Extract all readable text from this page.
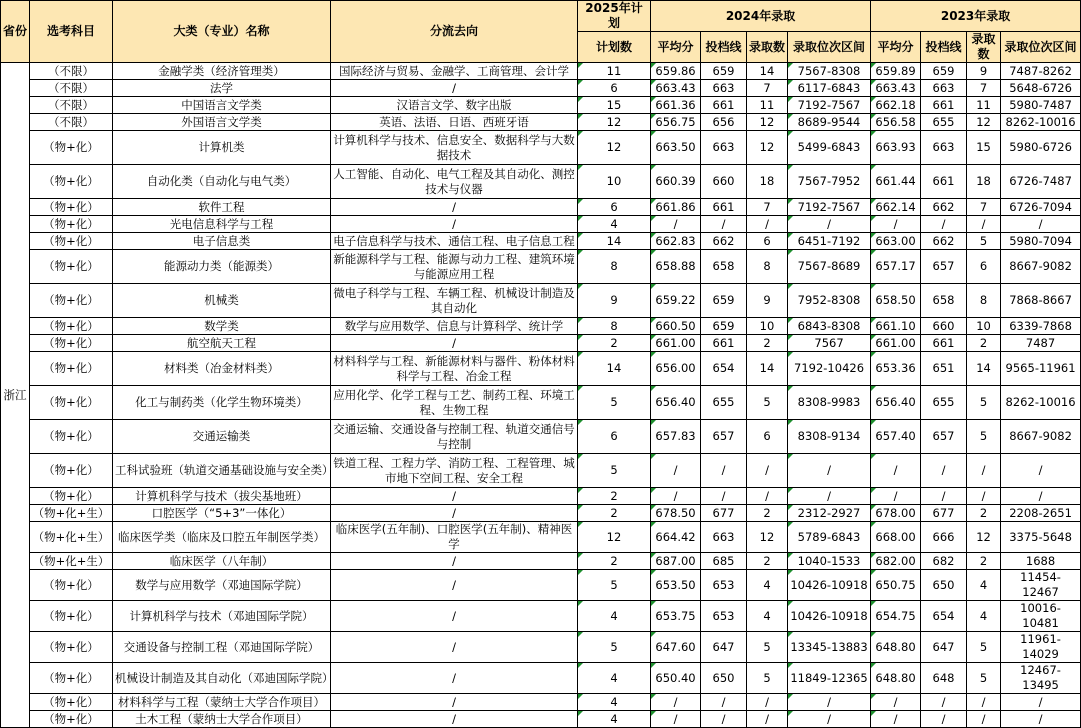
省份	选考科目	大类（专业）名称	分流去向	2025年计划	2024年录取				2023年录取			
				计划数	平均分	投档线	录取数	录取位次区间	平均分	投档线	录取数	录取位次区间
浙江	（不限）	金融学类（经济管理类）	国际经济与贸易、金融学、工商管理、会计学	11	659.86	659	14	7567-8308	659.89	659	9	7487-8262
	（不限）	法学	/	6	663.43	663	7	6117-6843	663.43	663	7	5648-6726
	（不限）	中国语言文学类	汉语言文学、数字出版	15	661.36	661	11	7192-7567	662.18	661	11	5980-7487
	（不限）	外国语言文学类	英语、法语、日语、西班牙语	12	656.75	656	12	8689-9544	656.58	655	12	8262-10016
	（物+化）	计算机类	计算机科学与技术、信息安全、数据科学与大数据技术	12	663.50	663	12	5499-6843	663.93	663	15	5980-6726
	（物+化）	自动化类（自动化与电气类）	人工智能、自动化、电气工程及其自动化、测控技术与仪器	10	660.39	660	18	7567-7952	661.44	661	18	6726-7487
	（物+化）	软件工程	/	6	661.86	661	7	7192-7567	662.14	662	7	6726-7094
	（物+化）	光电信息科学与工程	/	4	/	/	/	/	/	/	/	/
	（物+化）	电子信息类	电子信息科学与技术、通信工程、电子信息工程	14	662.83	662	6	6451-7192	663.00	662	5	5980-7094
	（物+化）	能源动力类（能源类）	新能源科学与工程、能源与动力工程、建筑环境与能源应用工程	8	658.88	658	8	7567-8689	657.17	657	6	8667-9082
	（物+化）	机械类	微电子科学与工程、车辆工程、机械设计制造及其自动化	9	659.22	659	9	7952-8308	658.50	658	8	7868-8667
	（物+化）	数学类	数学与应用数学、信息与计算科学、统计学	8	660.50	659	10	6843-8308	661.10	660	10	6339-7868
	（物+化）	航空航天工程	/	2	661.00	661	2	7567	661.00	661	2	7487
	（物+化）	材料类（冶金材料类）	材料科学与工程、新能源材料与器件、粉体材料科学与工程、冶金工程	14	656.00	654	14	7192-10426	653.36	651	14	9565-11961
	（物+化）	化工与制药类（化学生物环境类）	应用化学、化学工程与工艺、制药工程、环境工程、生物工程	5	656.40	655	5	8308-9983	656.40	655	5	8262-10016
	（物+化）	交通运输类	交通运输、交通设备与控制工程、轨道交通信号与控制	6	657.83	657	6	8308-9134	657.40	657	5	8667-9082
	（物+化）	工科试验班（轨道交通基础设施与安全类）	铁道工程、工程力学、消防工程、工程管理、城市地下空间工程、安全工程	5	/	/	/	/	/	/	/	/
	（物+化）	计算机科学与技术（拔尖基地班）	/	2	/	/	/	/	/	/	/	/
	（物+化+生）	口腔医学（“5+3”一体化）	/	2	678.50	677	2	2312-2927	678.00	677	2	2208-2651
	（物+化+生）	临床医学类（临床及口腔五年制医学类）	临床医学(五年制)、口腔医学(五年制)、精神医学	12	664.42	663	12	5789-6843	668.00	666	12	3375-5648
	（物+化+生）	临床医学（八年制）	/	2	687.00	685	2	1040-1533	682.00	682	2	1688
	（物+化）	数学与应用数学（邓迪国际学院）	/	5	653.50	653	4	10426-10918	650.75	650	4	11454-12467
	（物+化）	计算机科学与技术（邓迪国际学院）	/	4	653.75	653	4	10426-10918	654.75	654	4	10016-10481
	（物+化）	交通设备与控制工程（邓迪国际学院）	/	5	647.60	647	5	13345-13883	648.80	647	5	11961-14029
	（物+化）	机械设计制造及其自动化（邓迪国际学院）	/	4	650.40	650	5	11849-12365	648.80	648	5	12467-13495
	（物+化）	材料科学与工程（蒙纳士大学合作项目）	/	4	/	/	/	/	/	/	/	/
	（物+化）	土木工程（蒙纳士大学合作项目）	/	4	/	/	/	/	/	/	/	/
